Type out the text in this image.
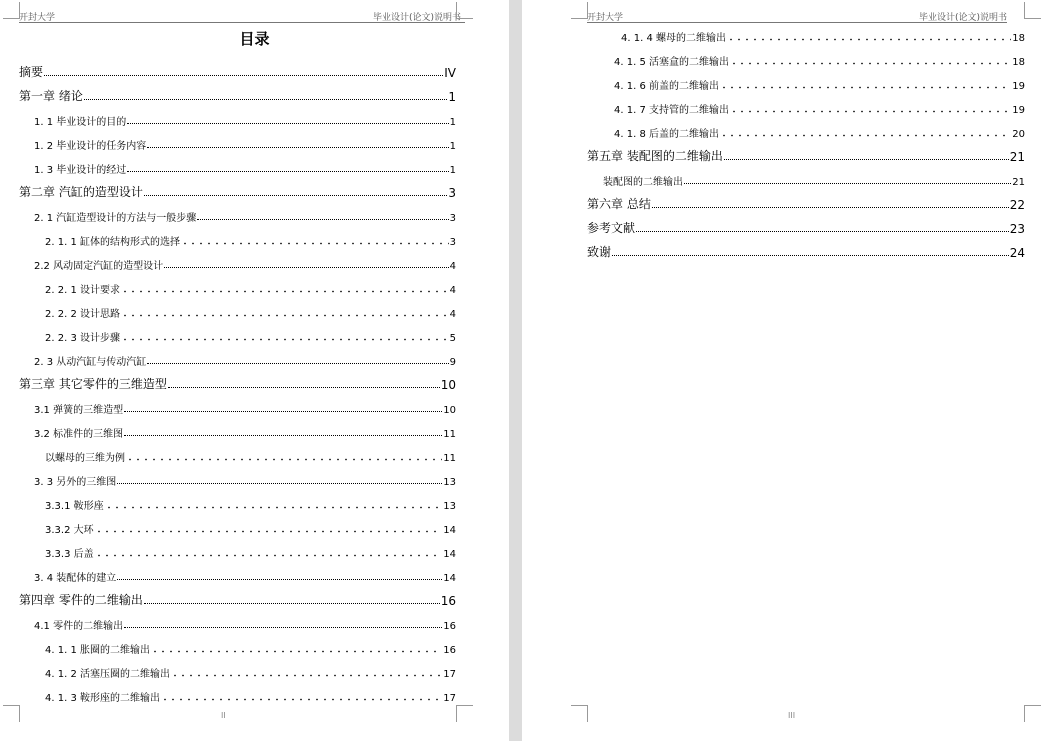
开封大学	毕业设计(论文)说明书
目录
摘要	IV
第一章 绪论	1
1. 1 毕业设计的目的	1
1. 2 毕业设计的任务内容	1
1. 3 毕业设计的经过	1
第二章 汽缸的造型设计	3
2. 1 汽缸造型设计的方法与一般步骤	3
2. 1. 1 缸体的结构形式的选择	3
2.2 风动固定汽缸的造型设计	4
2. 2. 1 设计要求	4
2. 2. 2 设计思路	4
2. 2. 3 设计步骤	5
2. 3 从动汽缸与传动汽缸	9
第三章 其它零件的三维造型	10
3.1 弹簧的三维造型	10
3.2 标准件的三维图	11
以螺母的三维为例	11
3. 3 另外的三维图	13
3.3.1 鞍形座	13
3.3.2 大环	14
3.3.3 后盖	14
3. 4 装配体的建立	14
第四章 零件的二维输出	16
4.1 零件的二维输出	16
4. 1. 1 胀圈的二维输出	16
4. 1. 2 活塞压圈的二维输出	17
4. 1. 3 鞍形座的二维输出	17
II
开封大学	毕业设计(论文)说明书
4. 1. 4 螺母的二维输出	18
4. 1. 5 活塞盒的二维输出	18
4. 1. 6 前盖的二维输出	19
4. 1. 7 支持管的二维输出	19
4. 1. 8 后盖的二维输出	20
第五章 装配图的二维输出	21
装配图的二维输出	21
第六章 总结	22
参考文献	23
致谢	24
III
